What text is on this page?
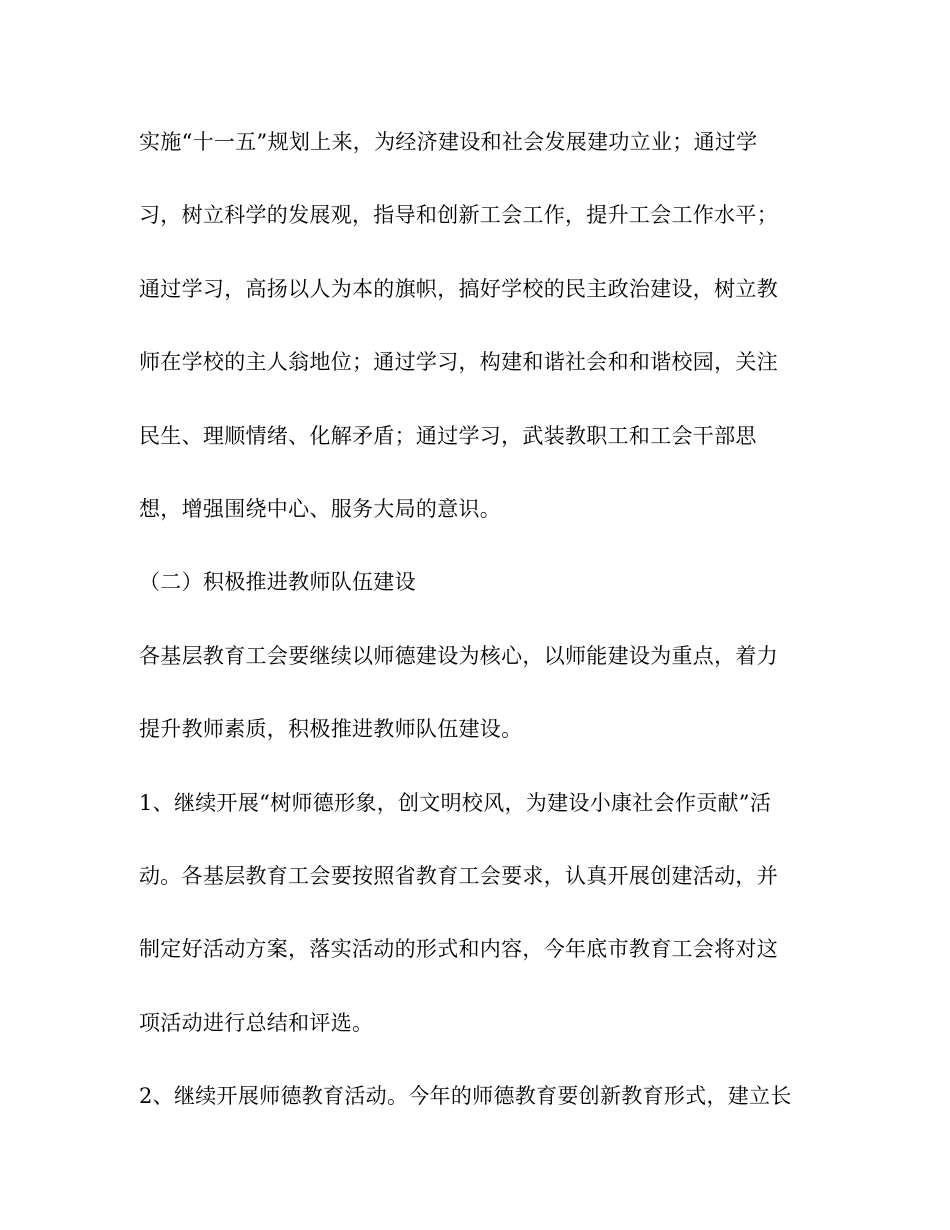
实施“十一五”规划上来，为经济建设和社会发展建功立业；通过学
习，树立科学的发展观，指导和创新工会工作，提升工会工作水平；
通过学习，高扬以人为本的旗帜，搞好学校的民主政治建设，树立教
师在学校的主人翁地位；通过学习，构建和谐社会和和谐校园，关注
民生、理顺情绪、化解矛盾；通过学习，武装教职工和工会干部思
想，增强围绕中心、服务大局的意识。
（二）积极推进教师队伍建设
各基层教育工会要继续以师德建设为核心，以师能建设为重点，着力
提升教师素质，积极推进教师队伍建设。
1、继续开展“树师德形象，创文明校风，为建设小康社会作贡献”活
动。各基层教育工会要按照省教育工会要求，认真开展创建活动，并
制定好活动方案，落实活动的形式和内容，今年底市教育工会将对这
项活动进行总结和评选。
2、继续开展师德教育活动。今年的师德教育要创新教育形式，建立长
